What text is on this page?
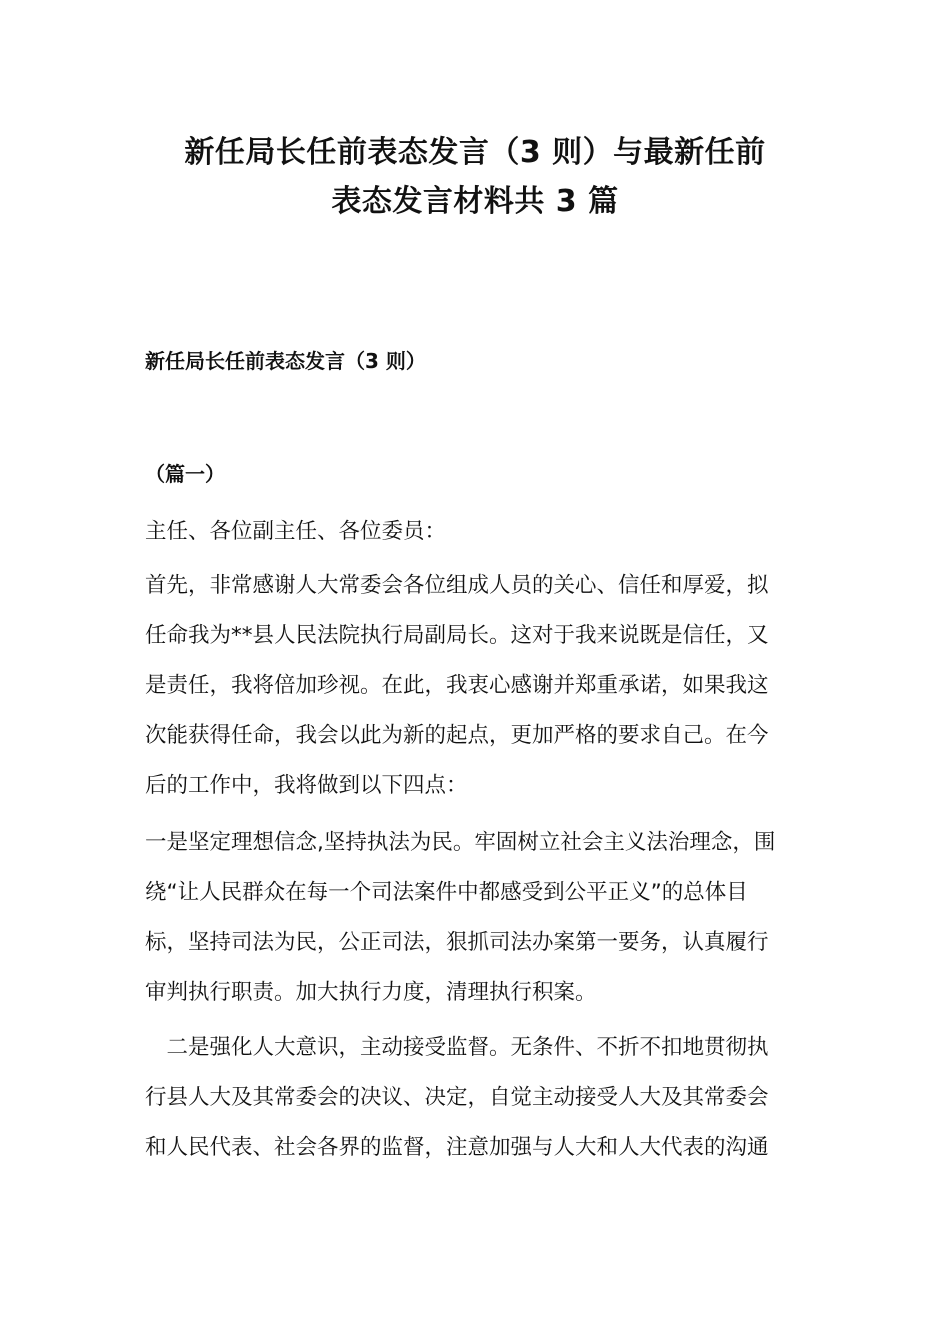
新任局长任前表态发言（3 则）与最新任前
表态发言材料共 3 篇
新任局长任前表态发言（3 则）
（篇一）

主任、各位副主任、各位委员：

首先，非常感谢人大常委会各位组成人员的关心、信任和厚爱，拟
任命我为**县人民法院执行局副局长。这对于我来说既是信任，又
是责任，我将倍加珍视。在此，我衷心感谢并郑重承诺，如果我这
次能获得任命，我会以此为新的起点，更加严格的要求自己。在今
后的工作中，我将做到以下四点：
一是坚定理想信念,坚持执法为民。牢固树立社会主义法治理念，围
绕“让人民群众在每一个司法案件中都感受到公平正义”的总体目
标，坚持司法为民，公正司法，狠抓司法办案第一要务，认真履行
审判执行职责。加大执行力度，清理执行积案。
　二是强化人大意识，主动接受监督。无条件、不折不扣地贯彻执
行县人大及其常委会的决议、决定，自觉主动接受人大及其常委会
和人民代表、社会各界的监督，注意加强与人大和人大代表的沟通
